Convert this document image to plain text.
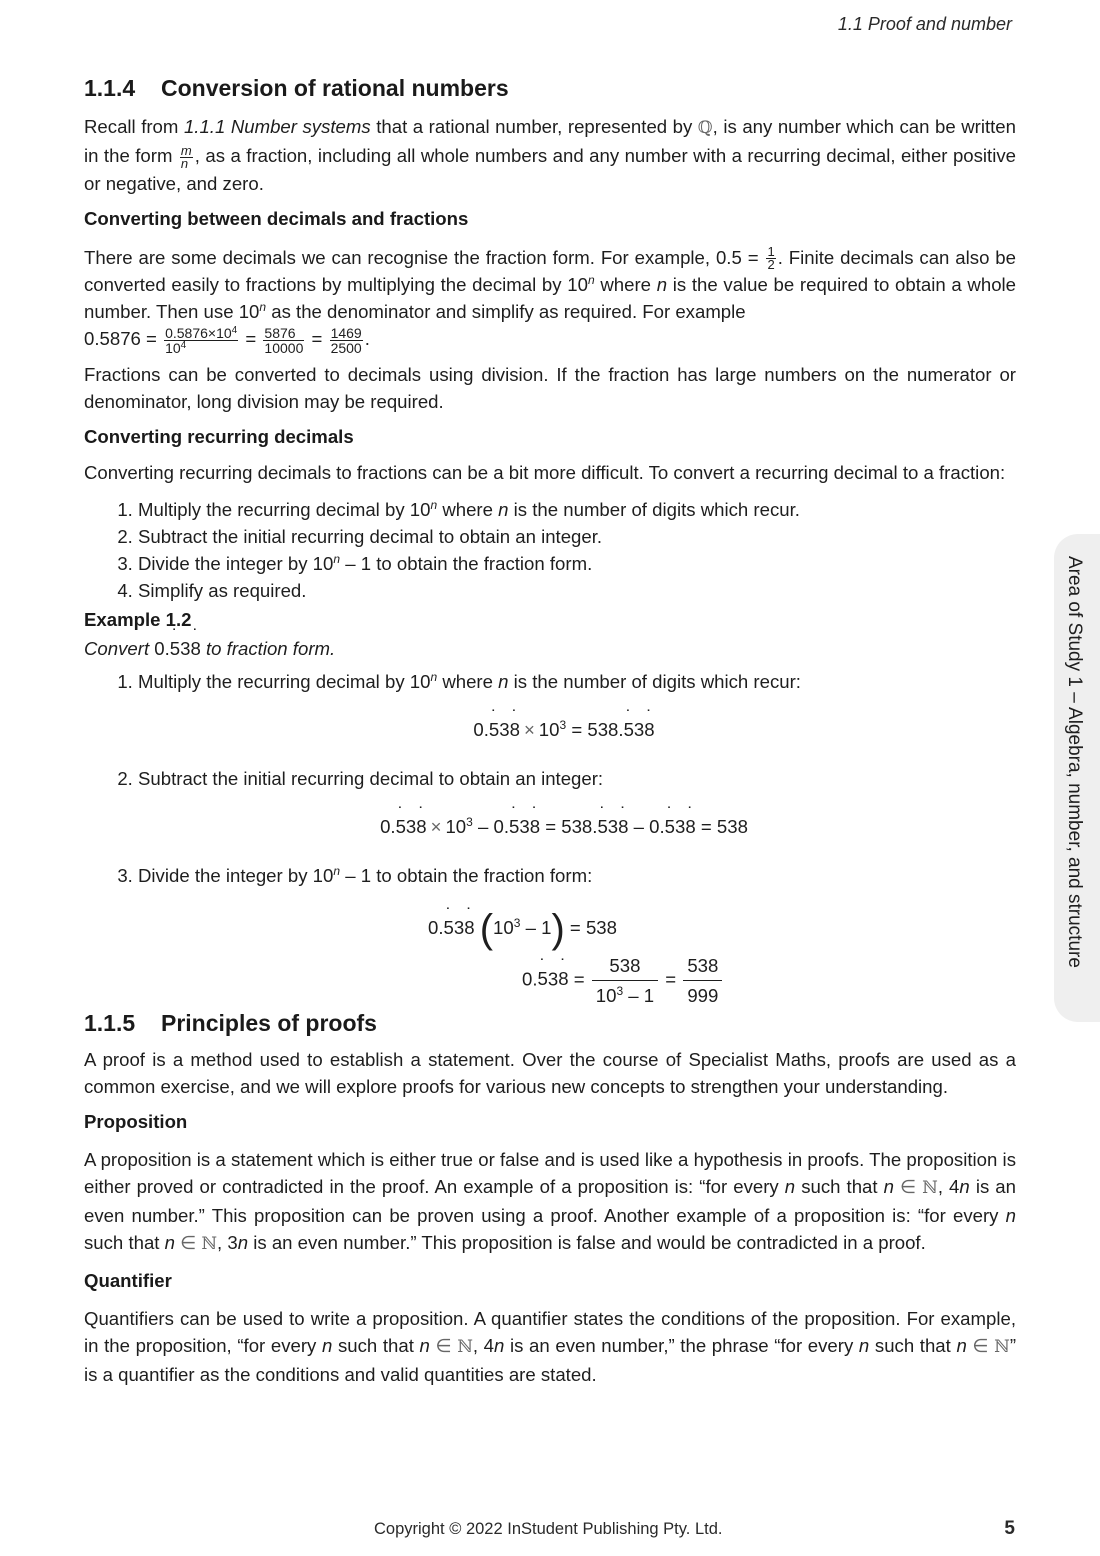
1.1 Proof and number
Area of Study 1 – Algebra, number, and structure
1.1.4 Conversion of rational numbers

Recall from 1.1.1 Number systems that a rational number, represented by ℚ, is any number which can be written in the form $\frac{m}{n}$ , as a fraction, including all whole numbers and any number with a recurring decimal, either positive or negative, and zero.

Converting between decimals and fractions

There are some decimals we can recognise the fraction form. For example, $0.5 = \frac{1}{2}$ . Finite decimals can also be converted easily to fractions by multiplying the decimal by 10$^n$ where n is the value be required to obtain a whole number. Then use 10$^n$ as the denominator and simplify as required. For example
$0.5876 = \frac{0.5876\times 10^4}{10^4} = \frac{5876}{10000} = \frac{1469}{2500}$ .

Fractions can be converted to decimals using division. If the fraction has large numbers on the numerator or denominator, long division may be required.

Converting recurring decimals

Converting recurring decimals to fractions can be a bit more difficult. To convert a recurring decimal to a fraction:

1. Multiply the recurring decimal by 10$^n$ where n is the number of digits which recur.
2. Subtract the initial recurring decimal to obtain an integer.
3. Divide the integer by 10$^n$ – 1 to obtain the fraction form.
4. Simplify as required.
Example 1.2

Convert 0.˙ 53˙ 8 to fraction form.

1. Multiply the recurring decimal by 10$^n$ where n is the number of digits which recur:
0.˙ 53˙ $8 \times 10^3$ = 538.˙ 53˙ 8
2. Subtract the initial recurring decimal to obtain an integer:
0.˙ 53˙ $8 \times 10^3$ – 0.˙ 53˙ 8 = 538.˙ 53˙ 8 – 0.˙ 53˙ 8 = 538
3. Divide the integer by 10$^n$ – 1 to obtain the fraction form:
0.˙ 53˙ 8 $(10^3 - 1) = 538$
0.˙ 53˙ $8 = \frac{538}{10^3 - 1} = \frac{538}{999}$
1.1.5 Principles of proofs

A proof is a method used to establish a statement. Over the course of Specialist Maths, proofs are used as a common exercise, and we will explore proofs for various new concepts to strengthen your understanding.

Proposition

A proposition is a statement which is either true or false and is used like a hypothesis in proofs. The proposition is either proved or contradicted in the proof. An example of a proposition is: “for every n such that n ∈ ℕ, 4n is an even number.” This proposition can be proven using a proof. Another example of a proposition is: “for every n such that n ∈ ℕ, 3n is an even number.” This proposition is false and would be contradicted in a proof.

Quantifier

Quantifiers can be used to write a proposition. A quantifier states the conditions of the proposition. For example, in the proposition, “for every n such that n ∈ ℕ, 4n is an even number,” the phrase “for every n such that n ∈ ℕ” is a quantifier as the conditions and valid quantities are stated.

Copyright © 2022 InStudent Publishing Pty. Ltd.	5
